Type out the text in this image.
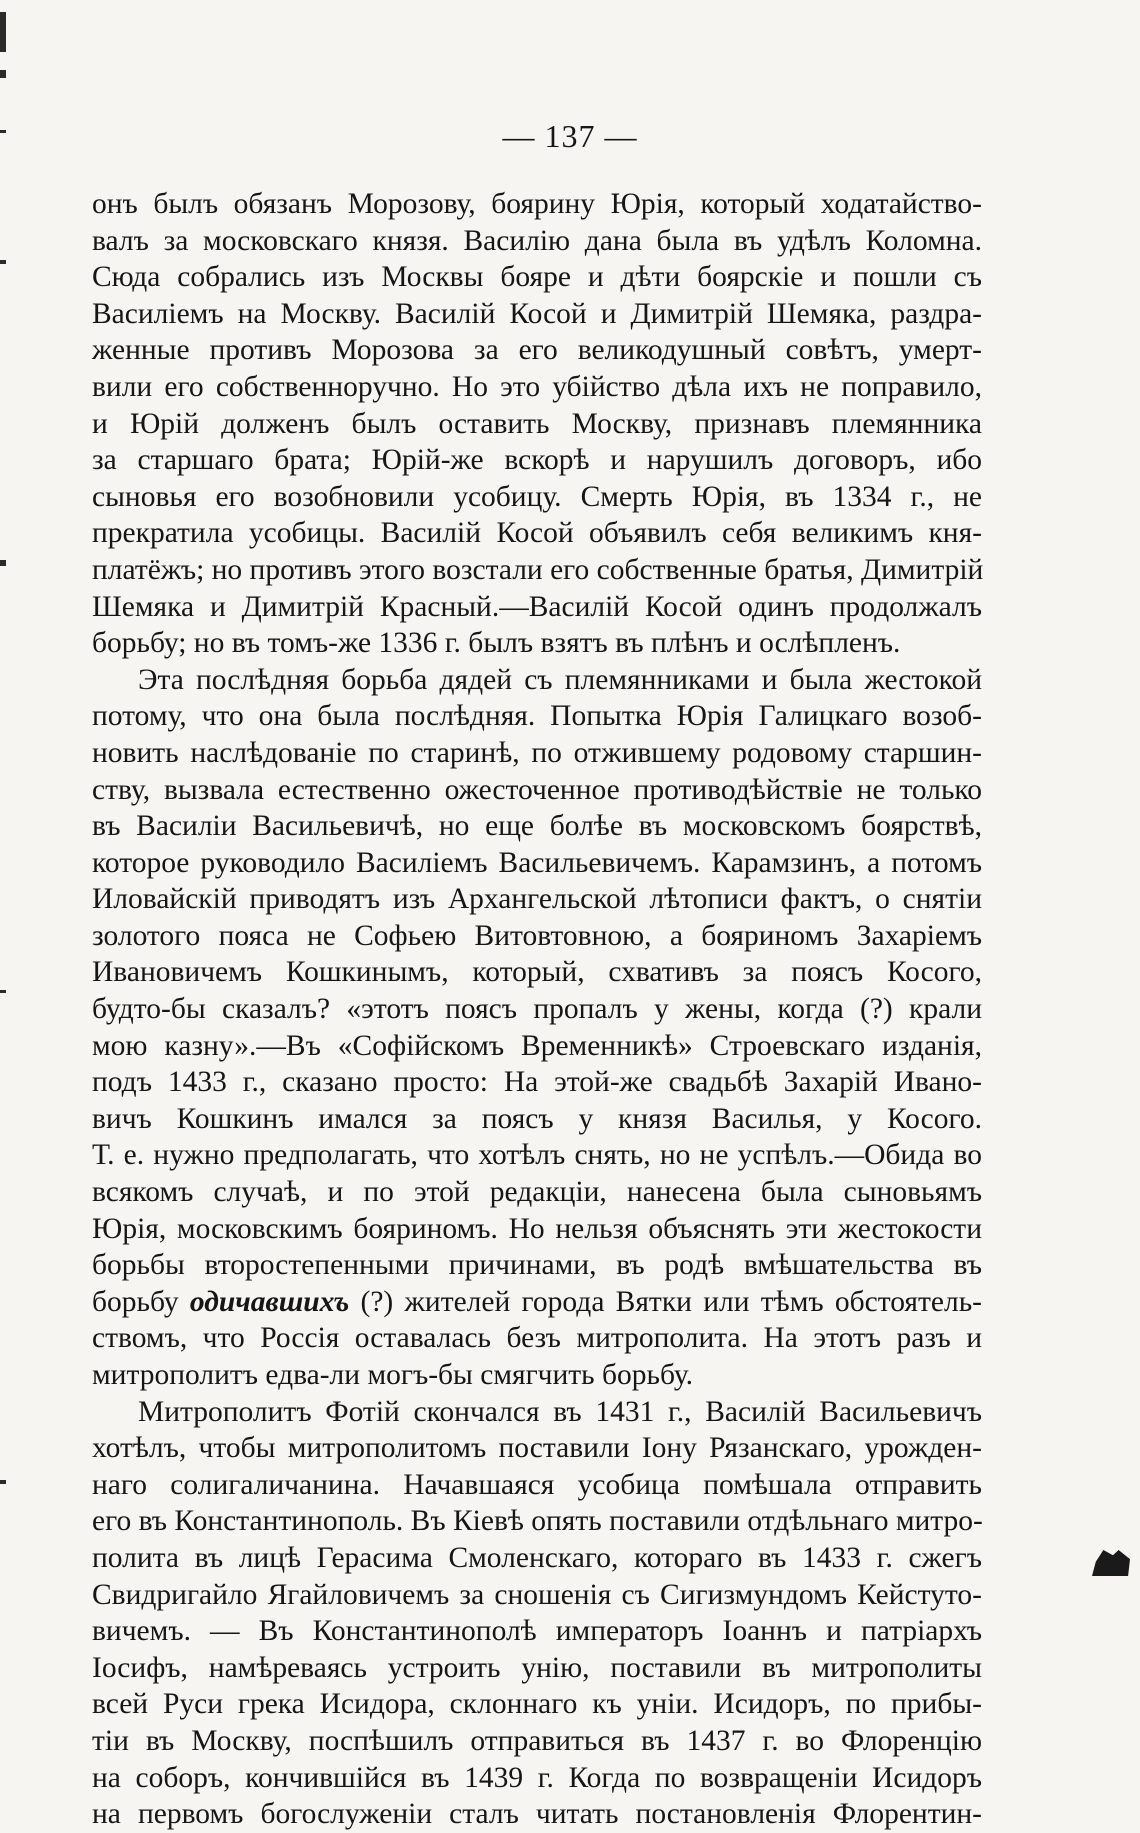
— 137 —
онъ былъ обязанъ Морозову, боярину Юрія, который ходатайство-
валъ за московскаго князя. Василію дана была въ удѣлъ Коломна.
Сюда собрались изъ Москвы бояре и дѣти боярскіе и пошли съ
Василіемъ на Москву. Василій Косой и Димитрій Шемяка, раздра-
женные противъ Морозова за его великодушный совѣтъ, умерт-
вили его собственноручно. Но это убійство дѣла ихъ не поправило,
и Юрій долженъ былъ оставить Москву, признавъ племянника
за старшаго брата; Юрій-же вскорѣ и нарушилъ договоръ, ибо
сыновья его возобновили усобицу. Смерть Юрія, въ 1334 г., не
прекратила усобицы. Василій Косой объявилъ себя великимъ кня-
платёжъ; но противъ этого возстали его собственные братья, Димитрій
Шемяка и Димитрій Красный.—Василій Косой одинъ продолжалъ
борьбу; но въ томъ-же 1336 г. былъ взятъ въ плѣнъ и ослѣпленъ.
Эта послѣдняя борьба дядей съ племянниками и была жестокой
потому, что она была послѣдняя. Попытка Юрія Галицкаго возоб-
новить наслѣдованіе по старинѣ, по отжившему родовому старшин-
ству, вызвала естественно ожесточенное противодѣйствіе не только
въ Василіи Васильевичѣ, но еще болѣе въ московскомъ боярствѣ,
которое руководило Василіемъ Васильевичемъ. Карамзинъ, а потомъ
Иловайскій приводятъ изъ Архангельской лѣтописи фактъ, о снятіи
золотого пояса не Софьею Витовтовною, а бояриномъ Захаріемъ
Ивановичемъ Кошкинымъ, который, схвативъ за поясъ Косого,
будто-бы сказалъ? «этотъ поясъ пропалъ у жены, когда (?) крали
мою казну».—Въ «Софійскомъ Временникѣ» Строевскаго изданія,
подъ 1433 г., сказано просто: На этой-же свадьбѣ Захарій Ивано-
вичъ Кошкинъ имался за поясъ у князя Василья, у Косого.
Т. е. нужно предполагать, что хотѣлъ снять, но не успѣлъ.—Обида во
всякомъ случаѣ, и по этой редакціи, нанесена была сыновьямъ
Юрія, московскимъ бояриномъ. Но нельзя объяснять эти жестокости
борьбы второстепенными причинами, въ родѣ вмѣшательства въ
борьбу одичавшихъ (?) жителей города Вятки или тѣмъ обстоятель-
ствомъ, что Россія оставалась безъ митрополита. На этотъ разъ и
митрополитъ едва-ли могъ-бы смягчить борьбу.
Митрополитъ Фотій скончался въ 1431 г., Василій Васильевичъ
хотѣлъ, чтобы митрополитомъ поставили Іону Рязанскаго, урожден-
наго солигаличанина. Начавшаяся усобица помѣшала отправить
его въ Константинополь. Въ Кіевѣ опять поставили отдѣльнаго митро-
полита въ лицѣ Герасима Смоленскаго, котораго въ 1433 г. сжегъ
Свидригайло Ягайловичемъ за сношенія съ Сигизмундомъ Кейстуто-
вичемъ. — Въ Константинополѣ императоръ Іоаннъ и патріархъ
Іосифъ, намѣреваясь устроить унію, поставили въ митрополиты
всей Руси грека Исидора, склоннаго къ уніи. Исидоръ, по прибы-
тіи въ Москву, поспѣшилъ отправиться въ 1437 г. во Флоренцію
на соборъ, кончившійся въ 1439 г. Когда по возвращеніи Исидоръ
на первомъ богослуженіи сталъ читать постановленія Флорентин-
